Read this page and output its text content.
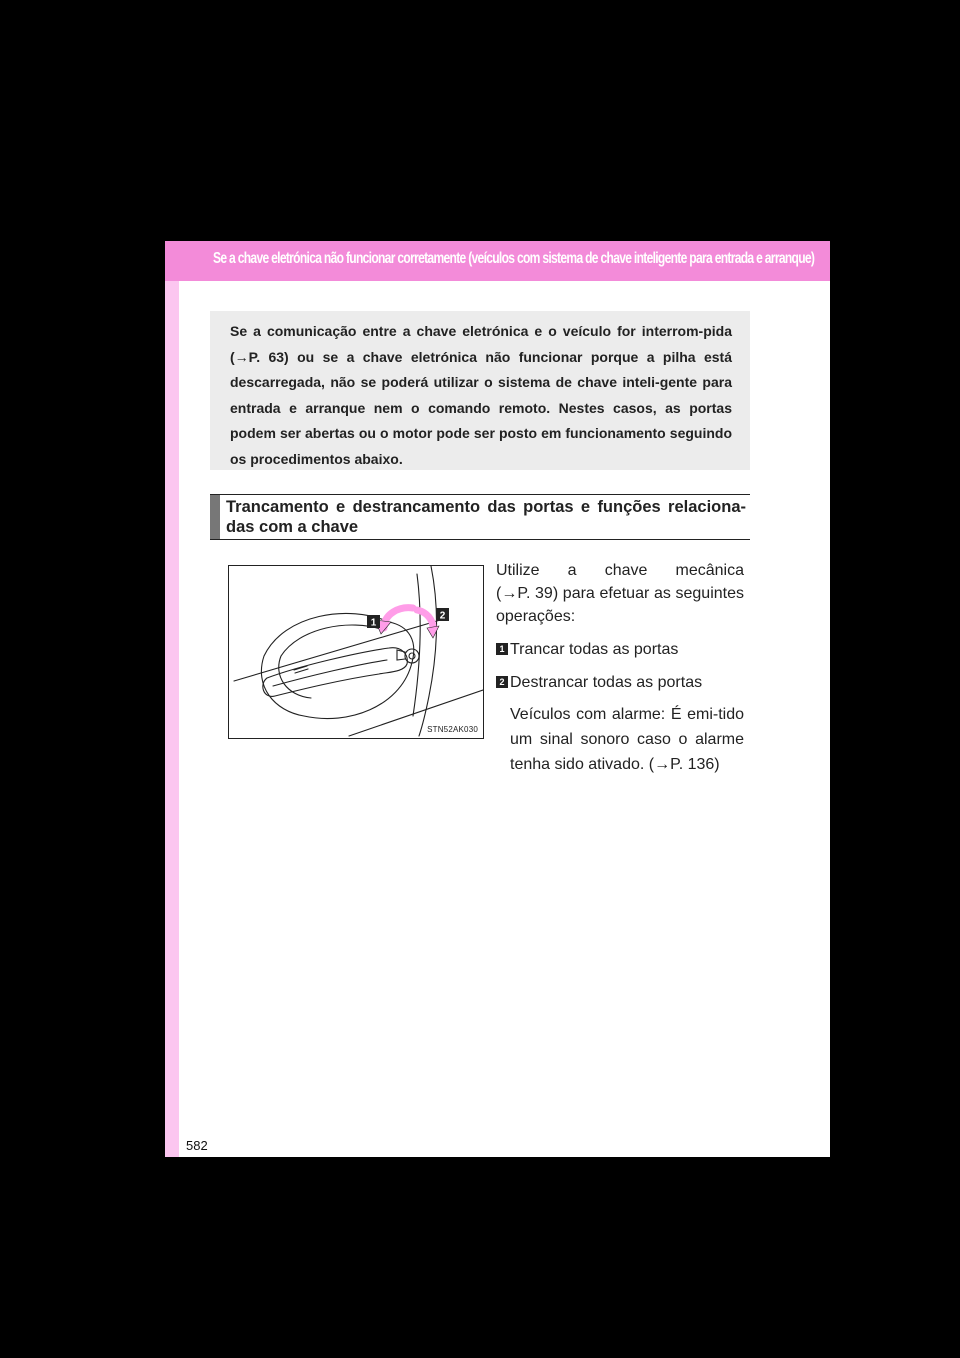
Se a chave eletrónica não funcionar corretamente (veículos com sistema de chave inteligente para entrada e arranque)
Se a comunicação entre a chave eletrónica e o veículo for interrom-pida (→P. 63) ou se a chave eletrónica não funcionar porque a pilha está descarregada, não se poderá utilizar o sistema de chave inteli-gente para entrada e arranque nem o comando remoto. Nestes casos, as portas podem ser abertas ou o motor pode ser posto em funcionamento seguindo os procedimentos abaixo.
Trancamento e destrancamento das portas e funções relaciona-das com a chave
1
2
STN52AK030
Utilize a chave mecânica
(→P. 39) para efetuar as seguintes operações:
1 Trancar todas as portas
2 Destrancar todas as portas
Veículos com alarme: É emi-tido um sinal sonoro caso o alarme tenha sido ativado. (→P. 136)
582
